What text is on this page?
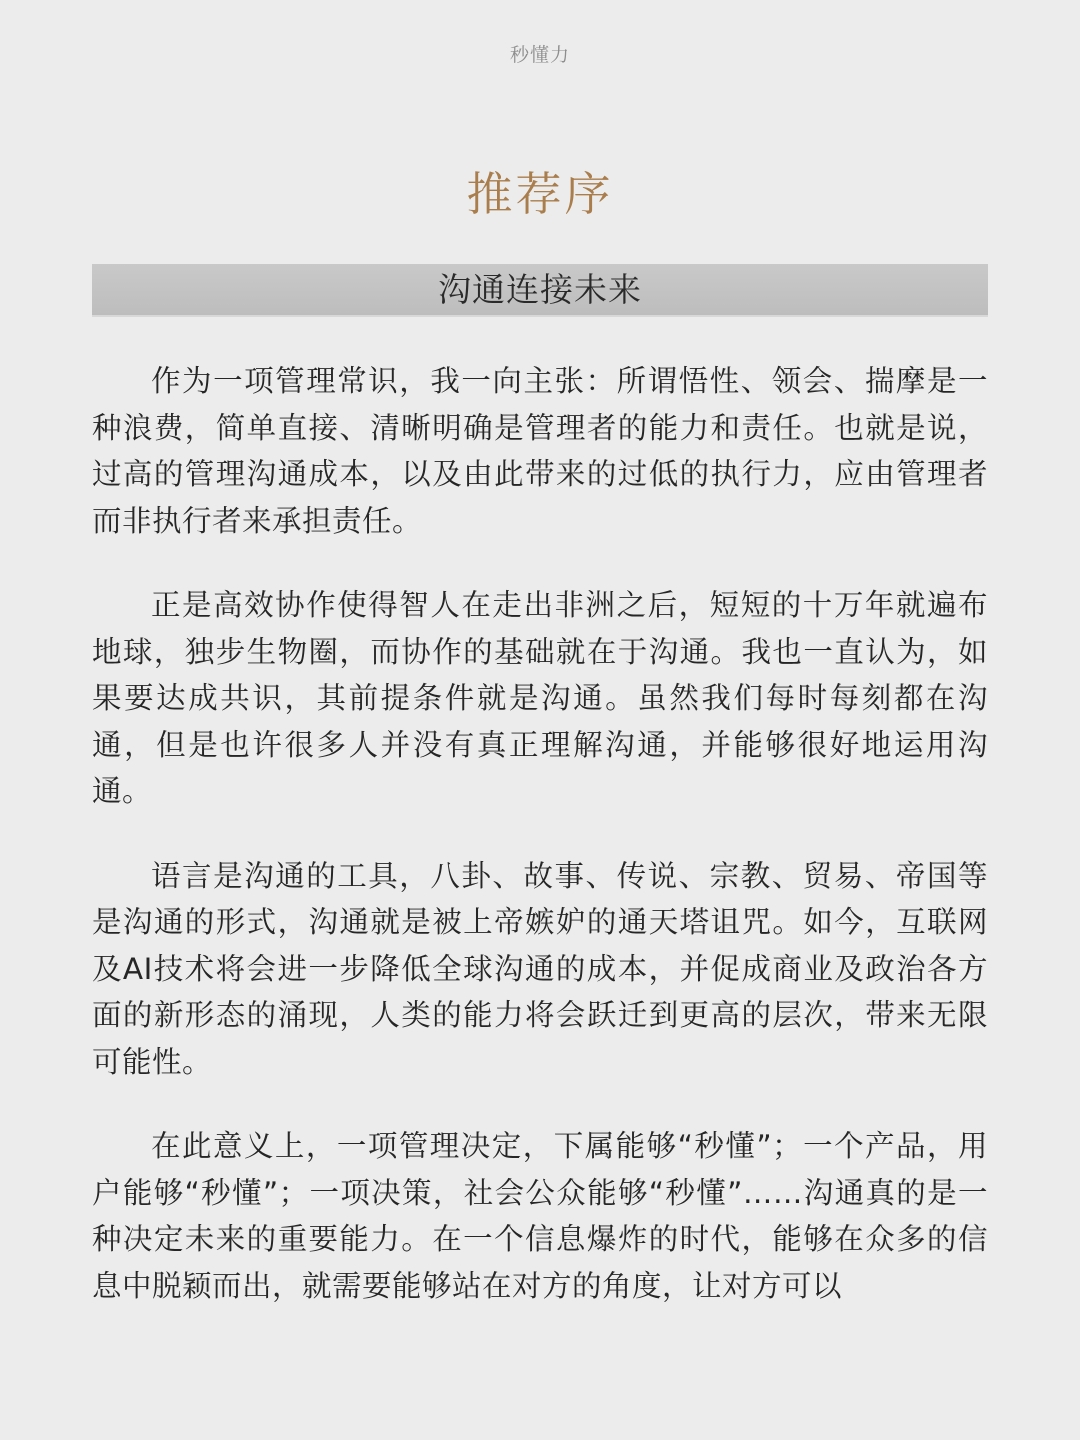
秒懂力
推荐序
沟通连接未来

作为一项管理常识，我一向主张：所谓悟性、领会、揣摩是一种浪费，简单直接、清晰明确是管理者的能力和责任。也就是说，过高的管理沟通成本，以及由此带来的过低的执行力，应由管理者而非执行者来承担责任。

正是高效协作使得智人在走出非洲之后，短短的十万年就遍布地球，独步生物圈，而协作的基础就在于沟通。我也一直认为，如果要达成共识，其前提条件就是沟通。虽然我们每时每刻都在沟通，但是也许很多人并没有真正理解沟通，并能够很好地运用沟通。

语言是沟通的工具，八卦、故事、传说、宗教、贸易、帝国等是沟通的形式，沟通就是被上帝嫉妒的通天塔诅咒。如今，互联网及AI技术将会进一步降低全球沟通的成本，并促成商业及政治各方面的新形态的涌现，人类的能力将会跃迁到更高的层次，带来无限可能性。

在此意义上，一项管理决定，下属能够“秒懂”；一个产品，用户能够“秒懂”；一项决策，社会公众能够“秒懂”……沟通真的是一种决定未来的重要能力。在一个信息爆炸的时代，能够在众多的信息中脱颖而出，就需要能够站在对方的角度，让对方可以
